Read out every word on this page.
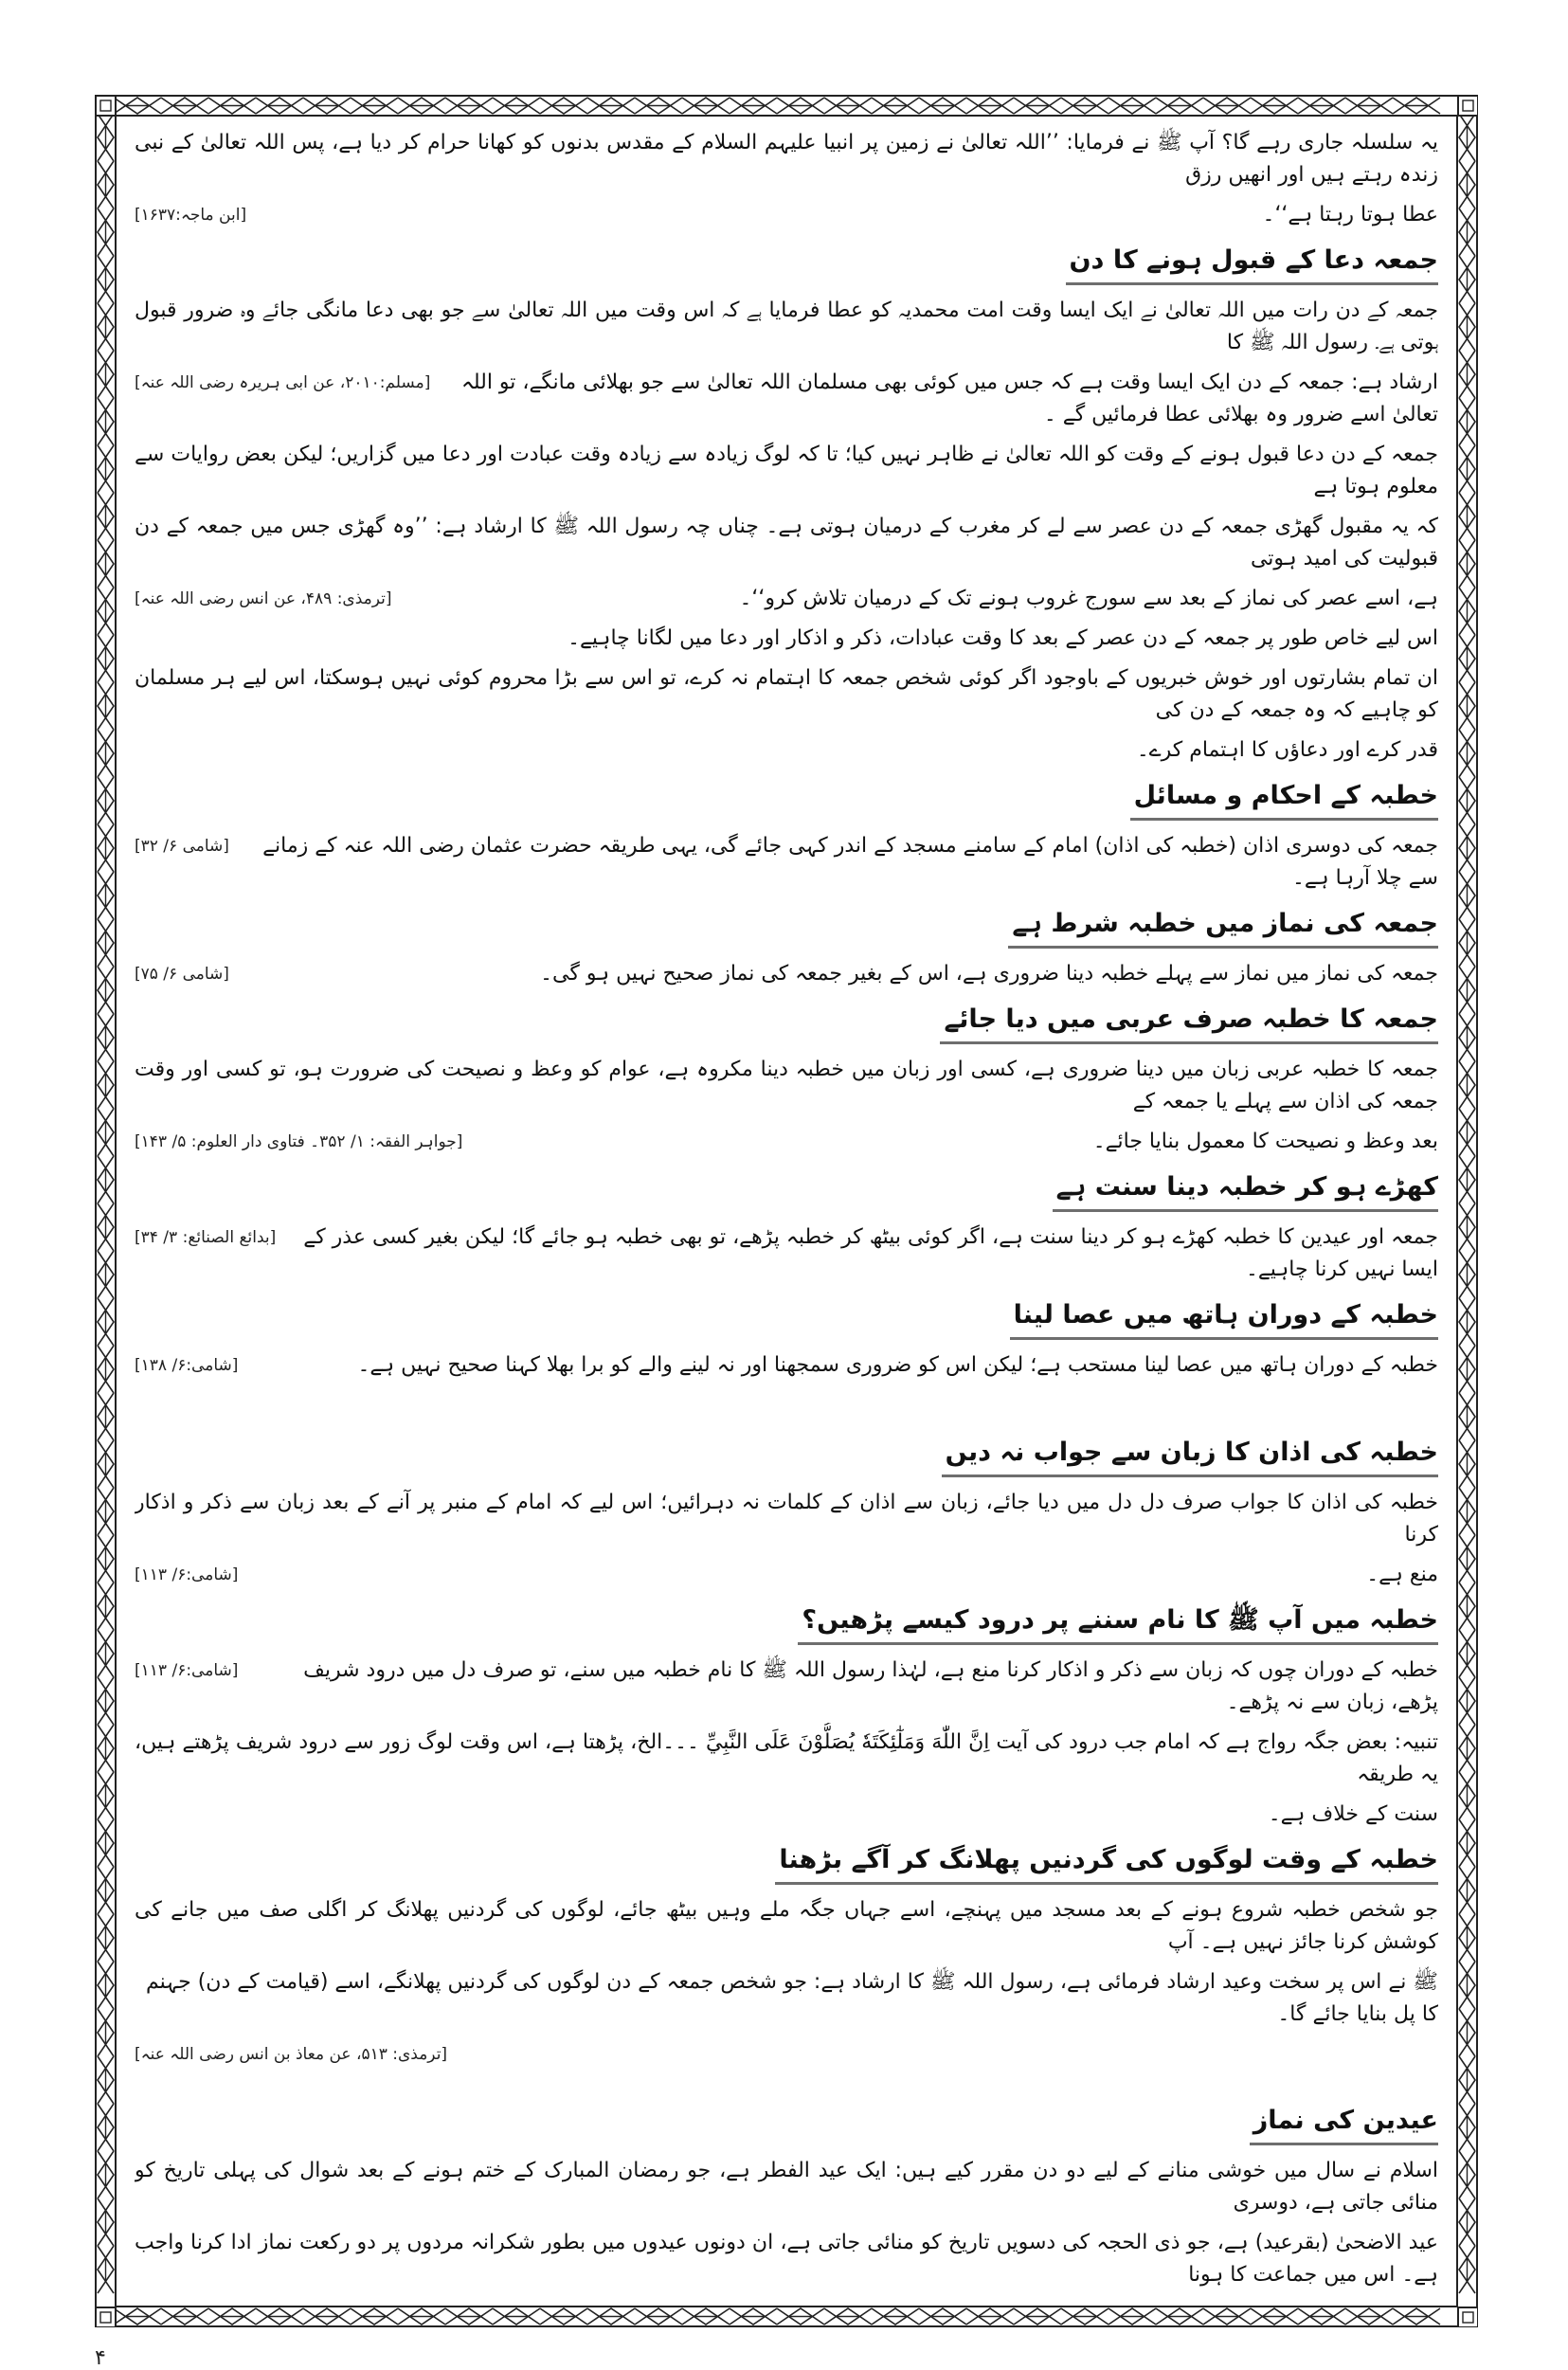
یہ سلسلہ جاری رہے گا؟ آپ ﷺ نے فرمایا: ’’اللہ تعالیٰ نے زمین پر انبیا علیہم السلام کے مقدس بدنوں کو کھانا حرام کر دیا ہے، پس اللہ تعالیٰ کے نبی زندہ رہتے ہیں اور انھیں رزق
[ابن ماجہ:۱۶۳۷]	عطا ہوتا رہتا ہے‘‘۔
جمعہ دعا کے قبول ہونے کا دن
جمعہ کے دن رات میں اللہ تعالیٰ نے ایک ایسا وقت امت محمدیہ کو عطا فرمایا ہے کہ اس وقت میں اللہ تعالیٰ سے جو بھی دعا مانگی جائے وہ ضرور قبول ہوتی ہے۔ رسول اللہ ﷺ کا
[مسلم:۲۰۱۰، عن ابی ہریرہ رضی اللہ عنہ] ارشاد ہے: جمعہ کے دن ایک ایسا وقت ہے کہ جس میں کوئی بھی مسلمان اللہ تعالیٰ سے جو بھلائی مانگے، تو اللہ تعالیٰ اسے ضرور وہ بھلائی عطا فرمائیں گے ۔
جمعہ کے دن دعا قبول ہونے کے وقت کو اللہ تعالیٰ نے ظاہر نہیں کیا؛ تا کہ لوگ زیادہ سے زیادہ وقت عبادت اور دعا میں گزاریں؛ لیکن بعض روایات سے معلوم ہوتا ہے
کہ یہ مقبول گھڑی جمعہ کے دن عصر سے لے کر مغرب کے درمیان ہوتی ہے۔ چناں چہ رسول اللہ ﷺ کا ارشاد ہے: ’’وہ گھڑی جس میں جمعہ کے دن قبولیت کی امید ہوتی
[ترمذی: ۴۸۹، عن انس رضی اللہ عنہ]	ہے، اسے عصر کی نماز کے بعد سے سورج غروب ہونے تک کے درمیان تلاش کرو‘‘۔
اس لیے خاص طور پر جمعہ کے دن عصر کے بعد کا وقت عبادات، ذکر و اذکار اور دعا میں لگانا چاہیے۔
ان تمام بشارتوں اور خوش خبریوں کے باوجود اگر کوئی شخص جمعہ کا اہتمام نہ کرے، تو اس سے بڑا محروم کوئی نہیں ہوسکتا، اس لیے ہر مسلمان کو چاہیے کہ وہ جمعہ کے دن کی
قدر کرے اور دعاؤں کا اہتمام کرے۔
خطبہ کے احکام و مسائل
[شامی ۶/ ۳۲] جمعہ کی دوسری اذان (خطبہ کی اذان) امام کے سامنے مسجد کے اندر کہی جائے گی، یہی طریقہ حضرت عثمان رضی اللہ عنہ کے زمانے سے چلا آرہا ہے۔
جمعہ کی نماز میں خطبہ شرط ہے
[شامی ۶/ ۷۵]	جمعہ کی نماز میں نماز سے پہلے خطبہ دینا ضروری ہے، اس کے بغیر جمعہ کی نماز صحیح نہیں ہو گی۔
جمعہ کا خطبہ صرف عربی میں دیا جائے
جمعہ کا خطبہ عربی زبان میں دینا ضروری ہے، کسی اور زبان میں خطبہ دینا مکروہ ہے، عوام کو وعظ و نصیحت کی ضرورت ہو، تو کسی اور وقت جمعہ کی اذان سے پہلے یا جمعہ کے
[جواہر الفقہ: ۱/ ۳۵۲۔ فتاوی دار العلوم: ۵/ ۱۴۳]	بعد وعظ و نصیحت کا معمول بنایا جائے۔
کھڑے ہو کر خطبہ دینا سنت ہے
[بدائع الصنائع: ۳/ ۳۴] جمعہ اور عیدین کا خطبہ کھڑے ہو کر دینا سنت ہے، اگر کوئی بیٹھ کر خطبہ پڑھے، تو بھی خطبہ ہو جائے گا؛ لیکن بغیر کسی عذر کے ایسا نہیں کرنا چاہیے۔
خطبہ کے دوران ہاتھ میں عصا لینا
[شامی:۶/ ۱۳۸]	خطبہ کے دوران ہاتھ میں عصا لینا مستحب ہے؛ لیکن اس کو ضروری سمجھنا اور نہ لینے والے کو برا بھلا کہنا صحیح نہیں ہے۔
خطبہ کی اذان کا زبان سے جواب نہ دیں
خطبہ کی اذان کا جواب صرف دل دل میں دیا جائے، زبان سے اذان کے کلمات نہ دہرائیں؛ اس لیے کہ امام کے منبر پر آنے کے بعد زبان سے ذکر و اذکار کرنا
[شامی:۶/ ۱۱۳]	منع ہے۔
خطبہ میں آپ ﷺ کا نام سننے پر درود کیسے پڑھیں؟
[شامی:۶/ ۱۱۳]	خطبہ کے دوران چوں کہ زبان سے ذکر و اذکار کرنا منع ہے، لہٰذا رسول اللہ ﷺ کا نام خطبہ میں سنے، تو صرف دل میں درود شریف پڑھے، زبان سے نہ پڑھے۔
تنبیہ: بعض جگہ رواج ہے کہ امام جب درود کی آیت اِنَّ اللّٰهَ وَمَلٰٓئِكَتَهٗ يُصَلُّوْنَ عَلَى النَّبِيِّ ۔۔۔الخ، پڑھتا ہے، اس وقت لوگ زور سے درود شریف پڑھتے ہیں، یہ طریقہ
سنت کے خلاف ہے۔
خطبہ کے وقت لوگوں کی گردنیں پھلانگ کر آگے بڑھنا
جو شخص خطبہ شروع ہونے کے بعد مسجد میں پہنچے، اسے جہاں جگہ ملے وہیں بیٹھ جائے، لوگوں کی گردنیں پھلانگ کر اگلی صف میں جانے کی کوشش کرنا جائز نہیں ہے۔ آپ
ﷺ نے اس پر سخت وعید ارشاد فرمائی ہے، رسول اللہ ﷺ کا ارشاد ہے: جو شخص جمعہ کے دن لوگوں کی گردنیں پھلانگے، اسے (قیامت کے دن) جہنم کا پل بنایا جائے گا۔
[ترمذی: ۵۱۳، عن معاذ بن انس رضی اللہ عنہ]
عیدین کی نماز
اسلام نے سال میں خوشی منانے کے لیے دو دن مقرر کیے ہیں: ایک عید الفطر ہے، جو رمضان المبارک کے ختم ہونے کے بعد شوال کی پہلی تاریخ کو منائی جاتی ہے، دوسری
عید الاضحیٰ (بقرعید) ہے، جو ذی الحجہ کی دسویں تاریخ کو منائی جاتی ہے، ان دونوں عیدوں میں بطور شکرانہ مردوں پر دو رکعت نماز ادا کرنا واجب ہے۔ اس میں جماعت کا ہونا
۴
